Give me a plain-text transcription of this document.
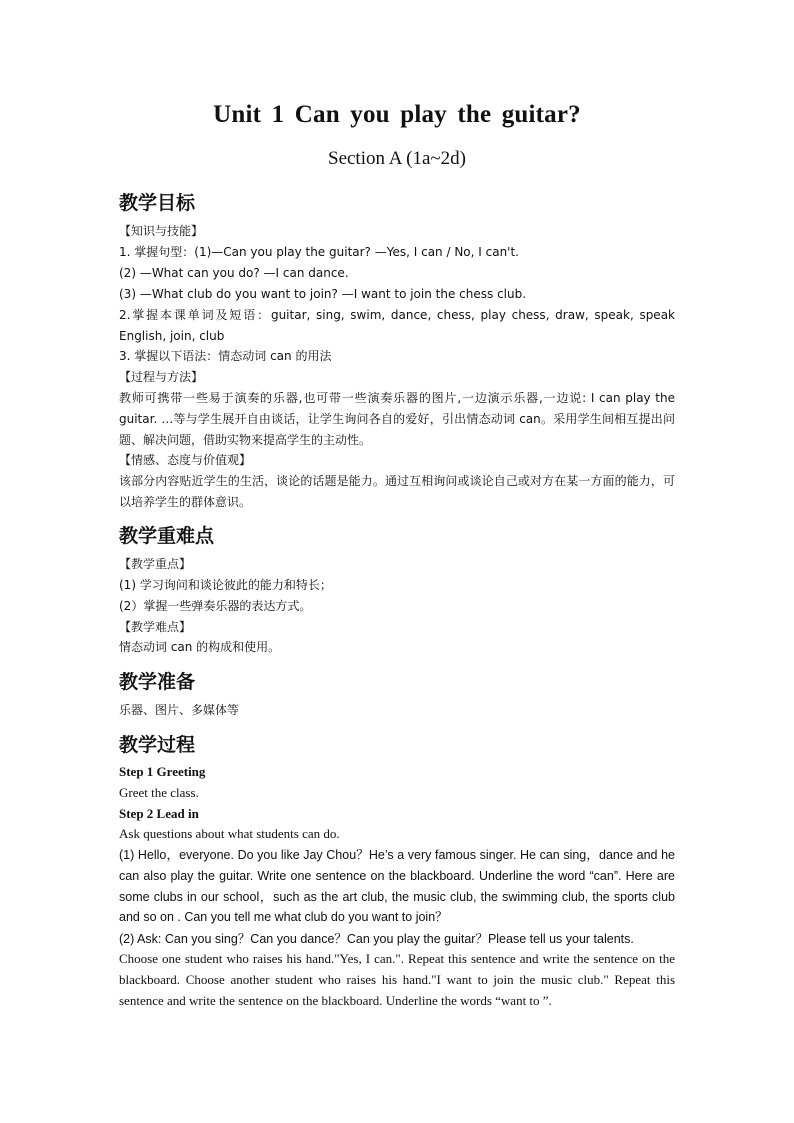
Unit 1 Can you play the guitar?
Section A (1a~2d)
教学目标
【知识与技能】
1. 掌握句型：(1)—Can you play the guitar? —Yes, I can / No, I can't.
(2) —What can you do? —I can dance.
(3) —What club do you want to join? —I want to join the chess club.
2.掌握本课单词及短语：guitar, sing, swim, dance, chess, play chess, draw, speak, speak English, join, club
3. 掌握以下语法：情态动词 can 的用法
【过程与方法】
教师可携带一些易于演奏的乐器,也可带一些演奏乐器的图片,一边演示乐器,一边说: I can play the guitar. …等与学生展开自由谈话，让学生询问各自的爱好，引出情态动词 can。采用学生间相互提出问题、解决问题，借助实物来提高学生的主动性。
【情感、态度与价值观】
该部分内容贴近学生的生活，谈论的话题是能力。通过互相询问或谈论自己或对方在某一方面的能力，可以培养学生的群体意识。
教学重难点
【教学重点】
(1) 学习询问和谈论彼此的能力和特长；
(2）掌握一些弹奏乐器的表达方式。
【教学难点】
情态动词 can 的构成和使用。
教学准备
乐器、图片、多媒体等
教学过程
Step 1 Greeting
Greet the class.
Step 2 Lead in
Ask questions about what students can do.
(1) Hello，everyone. Do you like Jay Chou？He’s a very famous singer. He can sing，dance and he can also play the guitar. Write one sentence on the blackboard. Underline the word “can”. Here are some clubs in our school，such as the art club, the music club, the swimming club, the sports club and so on . Can you tell me what club do you want to join？
(2) Ask: Can you sing？Can you dance？Can you play the guitar？Please tell us your talents.
Choose one student who raises his hand."Yes, I can.". Repeat this sentence and write the sentence on the blackboard. Choose another student who raises his hand."I want to join the music club." Repeat this sentence and write the sentence on the blackboard. Underline the words “want to ”.
